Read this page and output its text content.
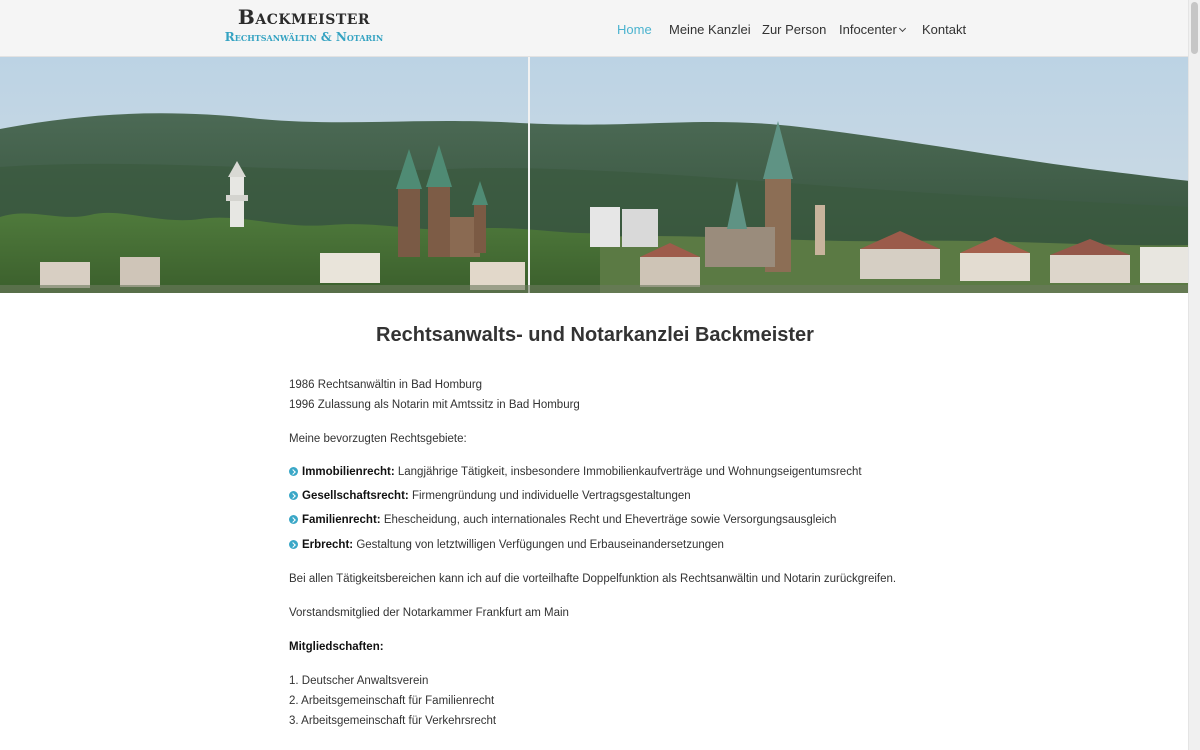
Backmeister
Rechtsanwältin & Notarin	Home Meine Kanzlei Zur Person Infocenter	Kontakt
Rechtsanwalts- und Notarkanzlei Backmeister
1986 Rechtsanwältin in Bad Homburg
1996 Zulassung als Notarin mit Amtssitz in Bad Homburg
Meine bevorzugten Rechtsgebiete:
Immobilienrecht: Langjährige Tätigkeit, insbesondere Immobilienkaufverträge und Wohnungseigentumsrecht
Gesellschaftsrecht: Firmengründung und individuelle Vertragsgestaltungen
Familienrecht: Ehescheidung, auch internationales Recht und Eheverträge sowie Versorgungsausgleich
Erbrecht: Gestaltung von letztwilligen Verfügungen und Erbauseinandersetzungen
Bei allen Tätigkeitsbereichen kann ich auf die vorteilhafte Doppelfunktion als Rechtsanwältin und Notarin zurückgreifen.
Vorstandsmitglied der Notarkammer Frankfurt am Main
Mitgliedschaften:
1. Deutscher Anwaltsverein
2. Arbeitsgemeinschaft für Familienrecht
3. Arbeitsgemeinschaft für Verkehrsrecht
